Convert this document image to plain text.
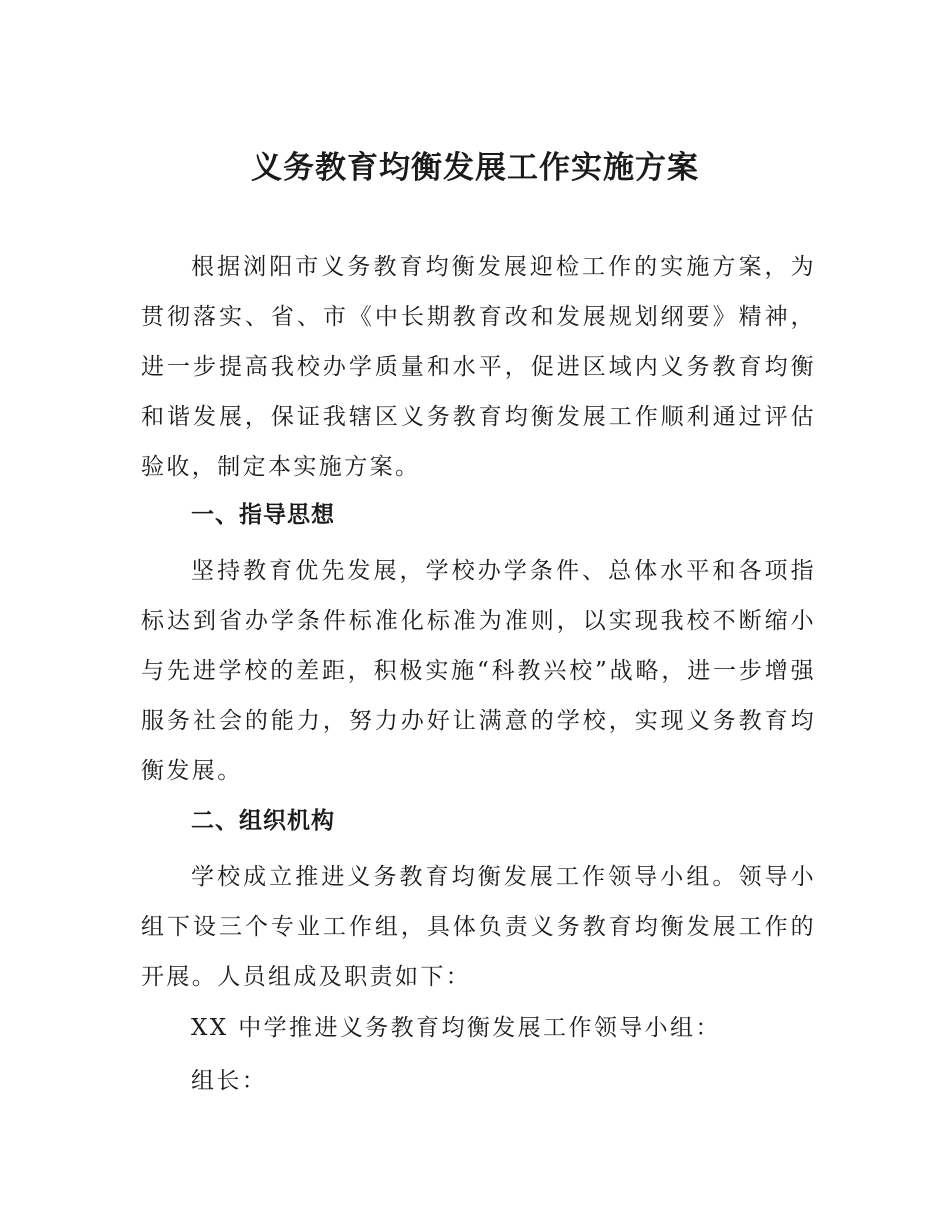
义务教育均衡发展工作实施方案

根据浏阳市义务教育均衡发展迎检工作的实施方案，为贯彻落实、省、市《中长期教育改和发展规划纲要》精神，进一步提高我校办学质量和水平，促进区域内义务教育均衡和谐发展，保证我辖区义务教育均衡发展工作顺利通过评估验收，制定本实施方案。

一、指导思想

坚持教育优先发展，学校办学条件、总体水平和各项指标达到省办学条件标准化标准为准则，以实现我校不断缩小与先进学校的差距，积极实施“科教兴校”战略，进一步增强服务社会的能力，努力办好让满意的学校，实现义务教育均衡发展。

二、组织机构

学校成立推进义务教育均衡发展工作领导小组。领导小组下设三个专业工作组，具体负责义务教育均衡发展工作的开展。人员组成及职责如下：

XX 中学推进义务教育均衡发展工作领导小组：

组长：
